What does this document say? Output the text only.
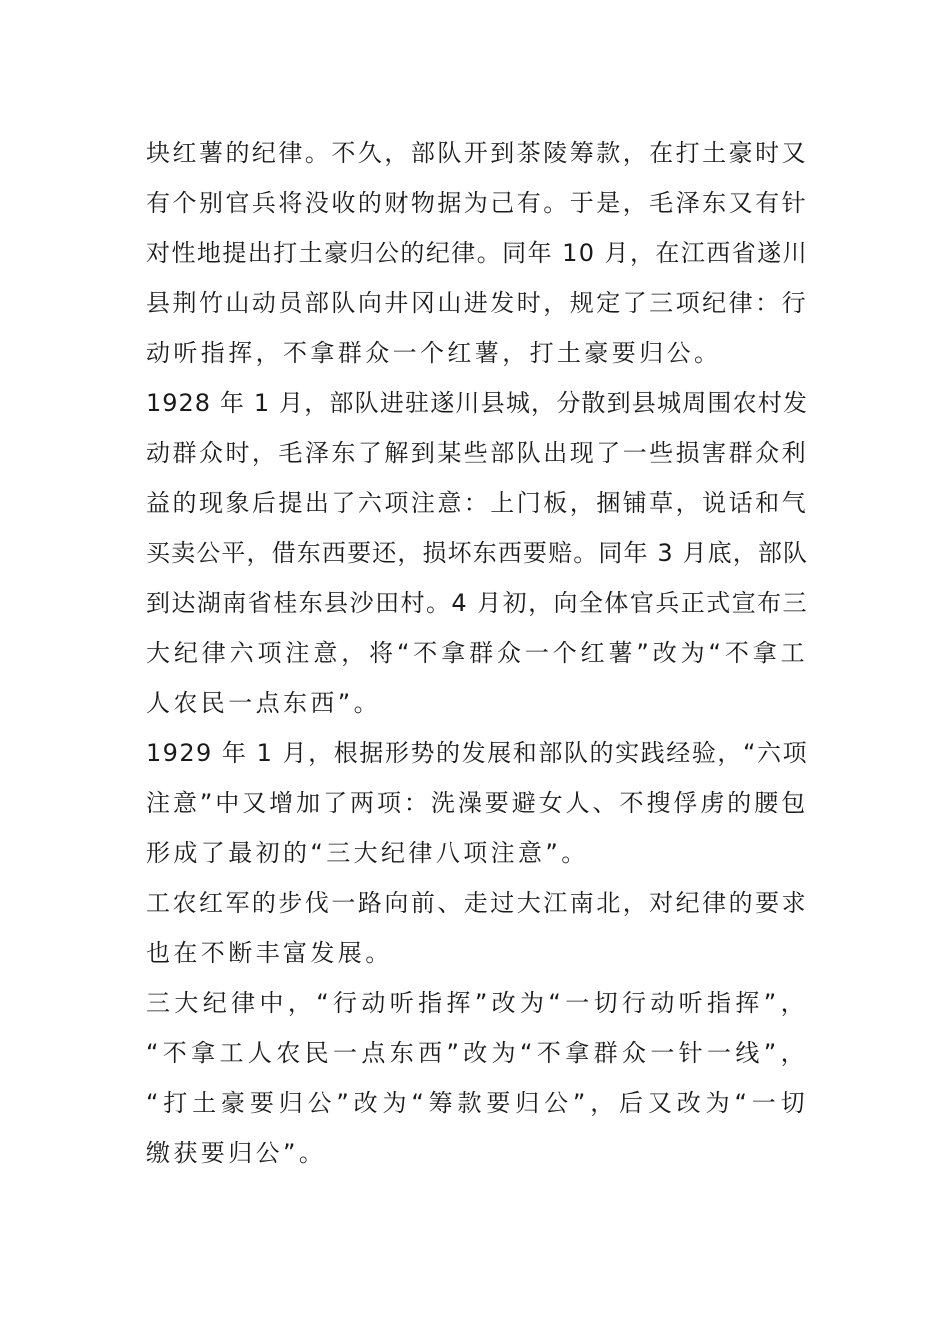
块红薯的纪律。不久，部队开到茶陵筹款，在打土豪时又
有个别官兵将没收的财物据为己有。于是，毛泽东又有针
对性地提出打土豪归公的纪律。同年 10 月，在江西省遂川
县荆竹山动员部队向井冈山进发时，规定了三项纪律：行
动听指挥，不拿群众一个红薯，打土豪要归公。
1928 年 1 月，部队进驻遂川县城，分散到县城周围农村发
动群众时，毛泽东了解到某些部队出现了一些损害群众利
益的现象后提出了六项注意：上门板，捆铺草，说话和气
买卖公平，借东西要还，损坏东西要赔。同年 3 月底，部队
到达湖南省桂东县沙田村。4 月初，向全体官兵正式宣布三
大纪律六项注意，将“不拿群众一个红薯”改为“不拿工
人农民一点东西”。
1929 年 1 月，根据形势的发展和部队的实践经验，“六项
注意”中又增加了两项：洗澡要避女人、不搜俘虏的腰包
形成了最初的“三大纪律八项注意”。
工农红军的步伐一路向前、走过大江南北，对纪律的要求
也在不断丰富发展。
三大纪律中，“行动听指挥”改为“一切行动听指挥”，
“不拿工人农民一点东西”改为“不拿群众一针一线”，
“打土豪要归公”改为“筹款要归公”，后又改为“一切
缴获要归公”。
